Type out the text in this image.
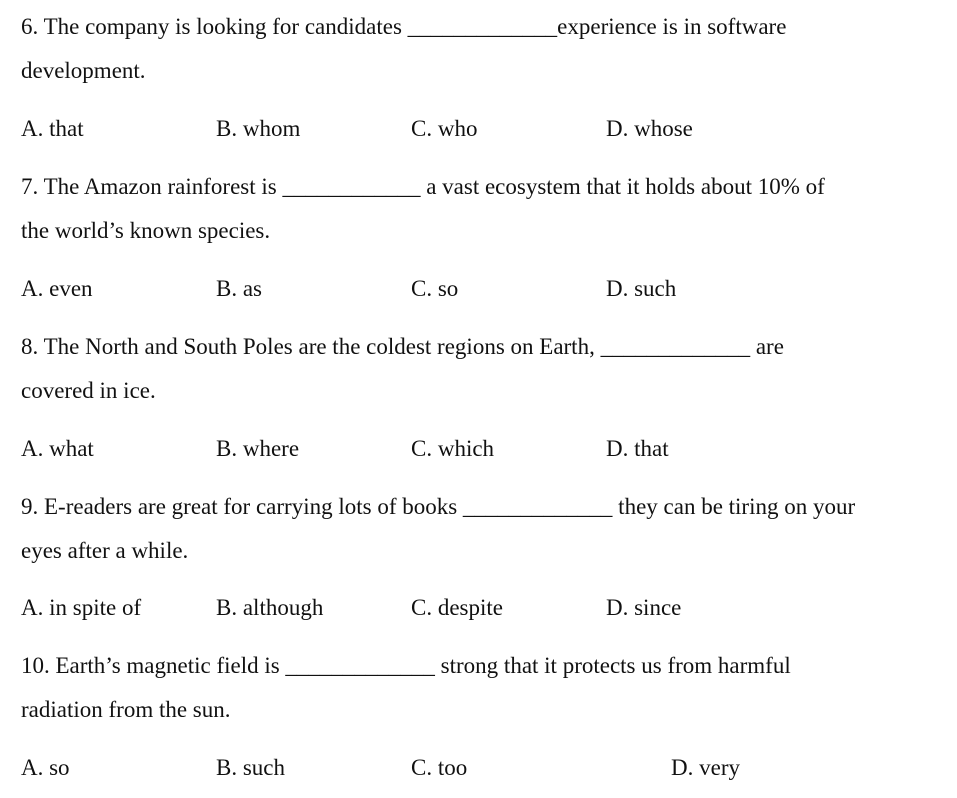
6. The company is looking for candidates _____________experience is in software
development.
A. that	B. whom	C. who	D. whose
7. The Amazon rainforest is ____________ a vast ecosystem that it holds about 10% of
the world’s known species.
A. even	B. as	C. so	D. such
8. The North and South Poles are the coldest regions on Earth, _____________ are
covered in ice.
A. what	B. where	C. which	D. that
9. E-readers are great for carrying lots of books _____________ they can be tiring on your
eyes after a while.
A. in spite of	B. although	C. despite	D. since
10. Earth’s magnetic field is _____________ strong that it protects us from harmful
radiation from the sun.
A. so	B. such	C. too	D. very
